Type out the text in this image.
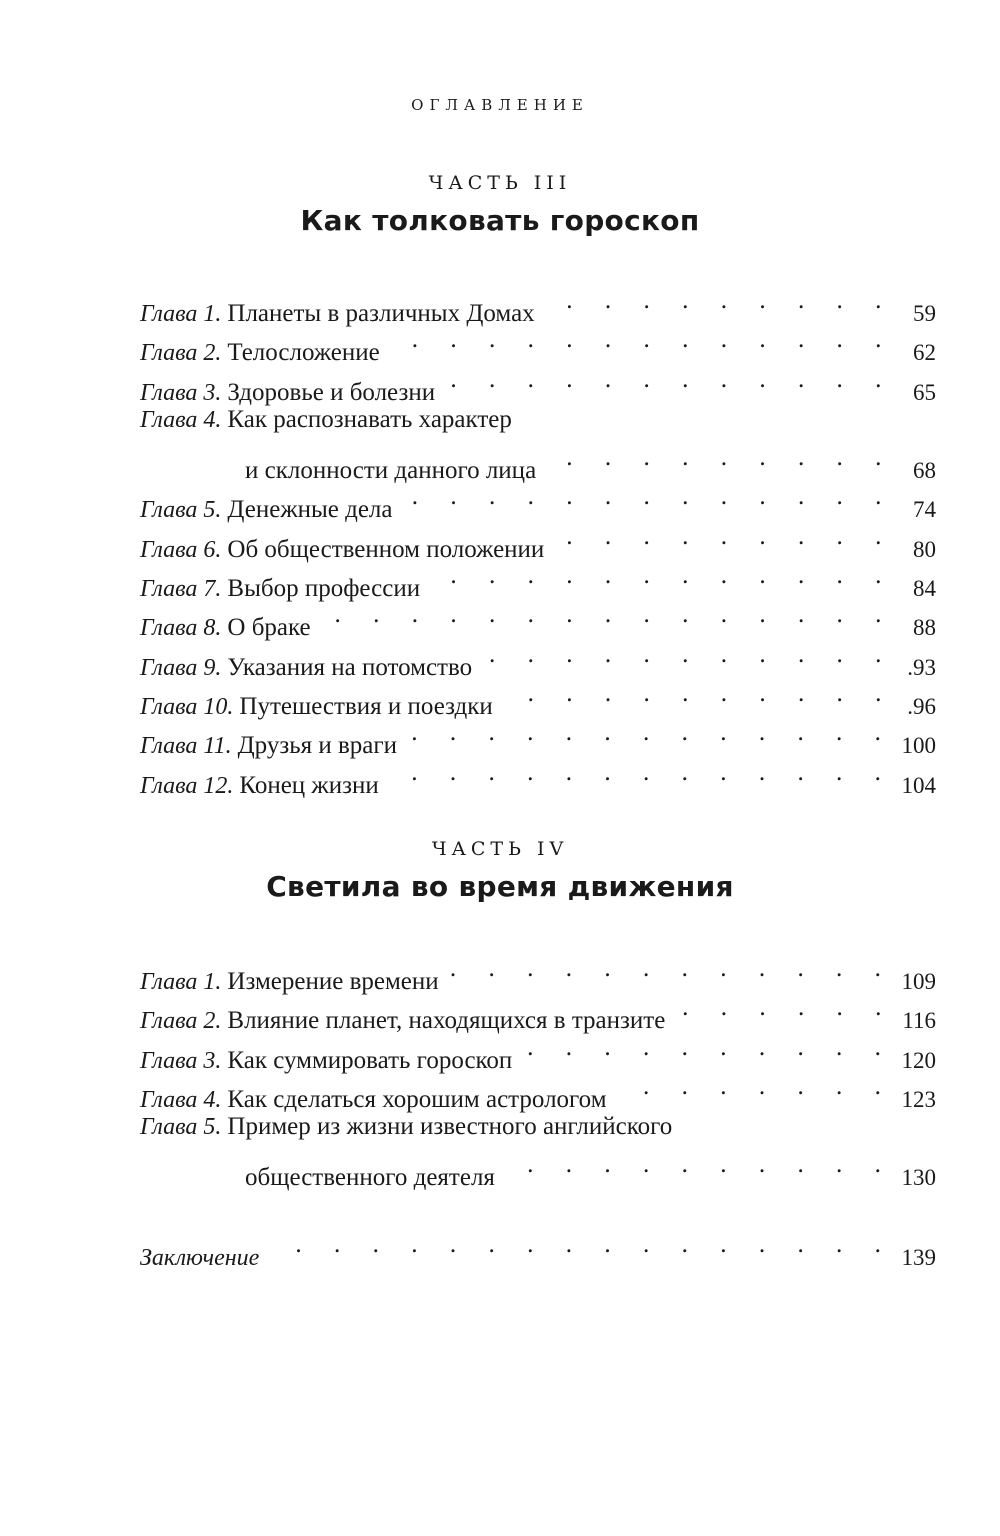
ОГЛАВЛЕНИЕ
ЧАСТЬ III
Как толковать гороскоп
Глава 1. Планеты в различных Домах . . .	59
Глава 2. Телосложение . . .	62
Глава 3. Здоровье и болезни . . .	65
Глава 4. Как распознавать характер
и склонности данного лица . . .	68
Глава 5. Денежные дела . . .	74
Глава 6. Об общественном положении . . .	80
Глава 7. Выбор профессии . . .	84
Глава 8. О браке . . .	88
Глава 9. Указания на потомство . . .	.93
Глава 10. Путешествия и поездки . . .	.96
Глава 11. Друзья и враги . . .	100
Глава 12. Конец жизни . . .	104
ЧАСТЬ IV
Светила во время движения
Глава 1. Измерение времени . . .	109
Глава 2. Влияние планет, находящихся в транзите . . .	116
Глава 3. Как суммировать гороскоп . . .	120
Глава 4. Как сделаться хорошим астрологом . . .	123
Глава 5. Пример из жизни известного английского
общественного деятеля . . .	130
Заключение . . .	139
